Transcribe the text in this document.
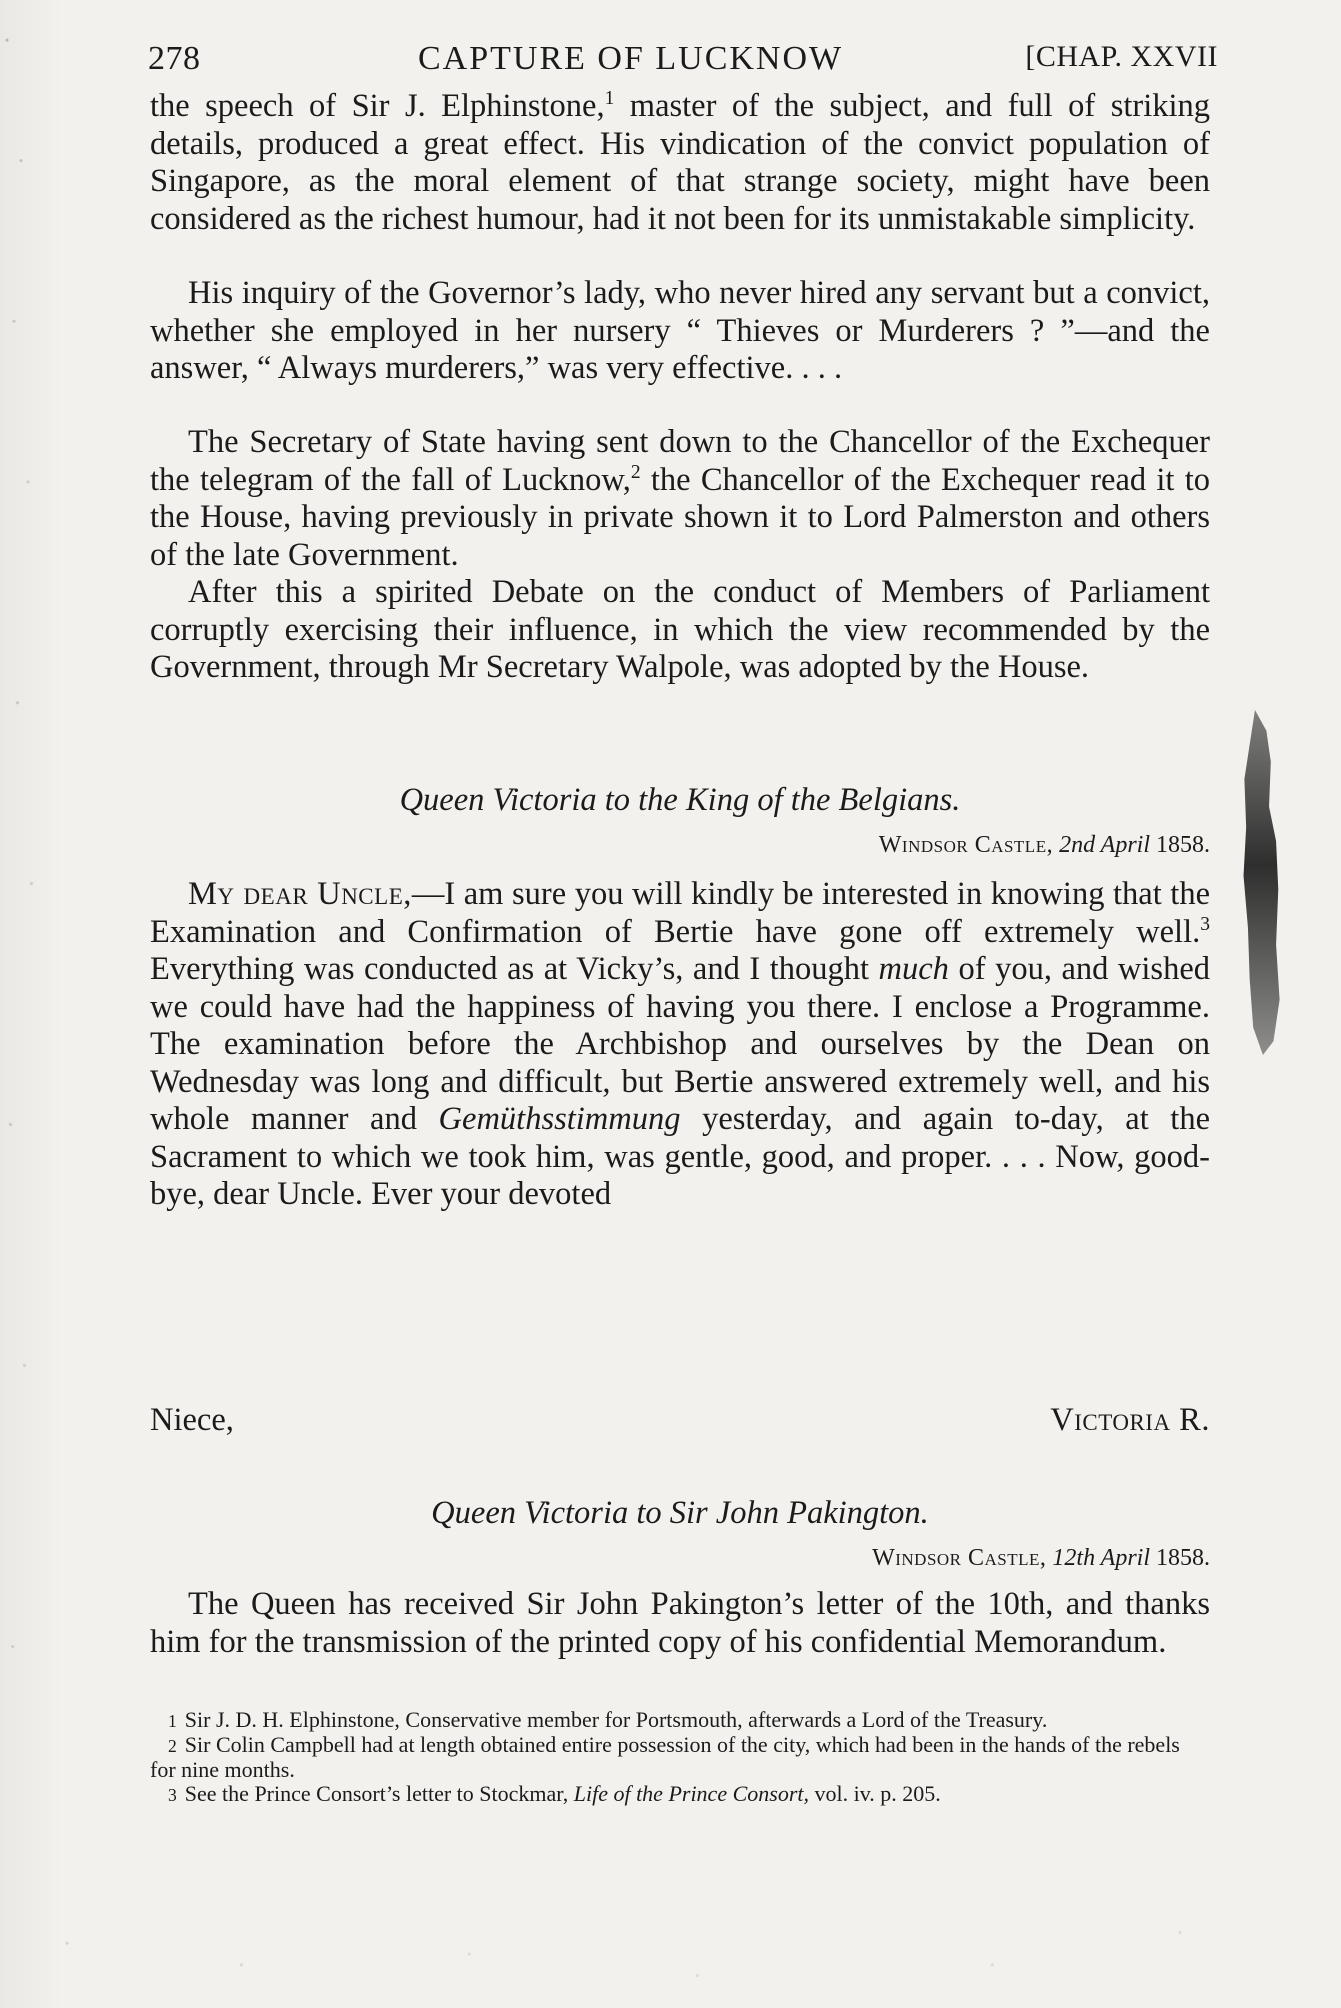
278	CAPTURE OF LUCKNOW	[CHAP. XXVII

the speech of Sir J. Elphinstone,$^1$ master of the subject, and full of striking details, produced a great effect. His vindication of the convict population of Singapore, as the moral element of that strange society, might have been considered as the richest humour, had it not been for its unmistakable simplicity.

His inquiry of the Governor’s lady, who never hired any servant but a convict, whether she employed in her nursery “ Thieves or Murderers ? ”—and the answer, “ Always murderers,” was very effective. . . .

The Secretary of State having sent down to the Chancellor of the Exchequer the telegram of the fall of Lucknow,$^2$ the Chancellor of the Exchequer read it to the House, having previously in private shown it to Lord Palmerston and others of the late Government.

After this a spirited Debate on the conduct of Members of Parliament corruptly exercising their influence, in which the view recommended by the Government, through Mr Secretary Walpole, was adopted by the House.

Queen Victoria to the King of the Belgians.

Windsor Castle, 2nd April 1858.

My dear Uncle,—I am sure you will kindly be interested in knowing that the Examination and Confirmation of Bertie have gone off extremely well.$^3$ Everything was conducted as at Vicky’s, and I thought much of you, and wished we could have had the happiness of having you there. I enclose a Programme. The examination before the Archbishop and ourselves by the Dean on Wednesday was long and difficult, but Bertie answered extremely well, and his whole manner and Gemüthsstimmung yesterday, and again to-day, at the Sacrament to which we took him, was gentle, good, and proper. . . . Now, good-bye, dear Uncle. Ever your devoted

Niece,	Victoria R.

Queen Victoria to Sir John Pakington.

Windsor Castle, 12th April 1858.

The Queen has received Sir John Pakington’s letter of the 10th, and thanks him for the transmission of the printed copy of his confidential Memorandum.

1 Sir J. D. H. Elphinstone, Conservative member for Portsmouth, afterwards a Lord of the Treasury.

2 Sir Colin Campbell had at length obtained entire possession of the city, which had been in the hands of the rebels for nine months.

3 See the Prince Consort’s letter to Stockmar, Life of the Prince Consort, vol. iv. p. 205.
